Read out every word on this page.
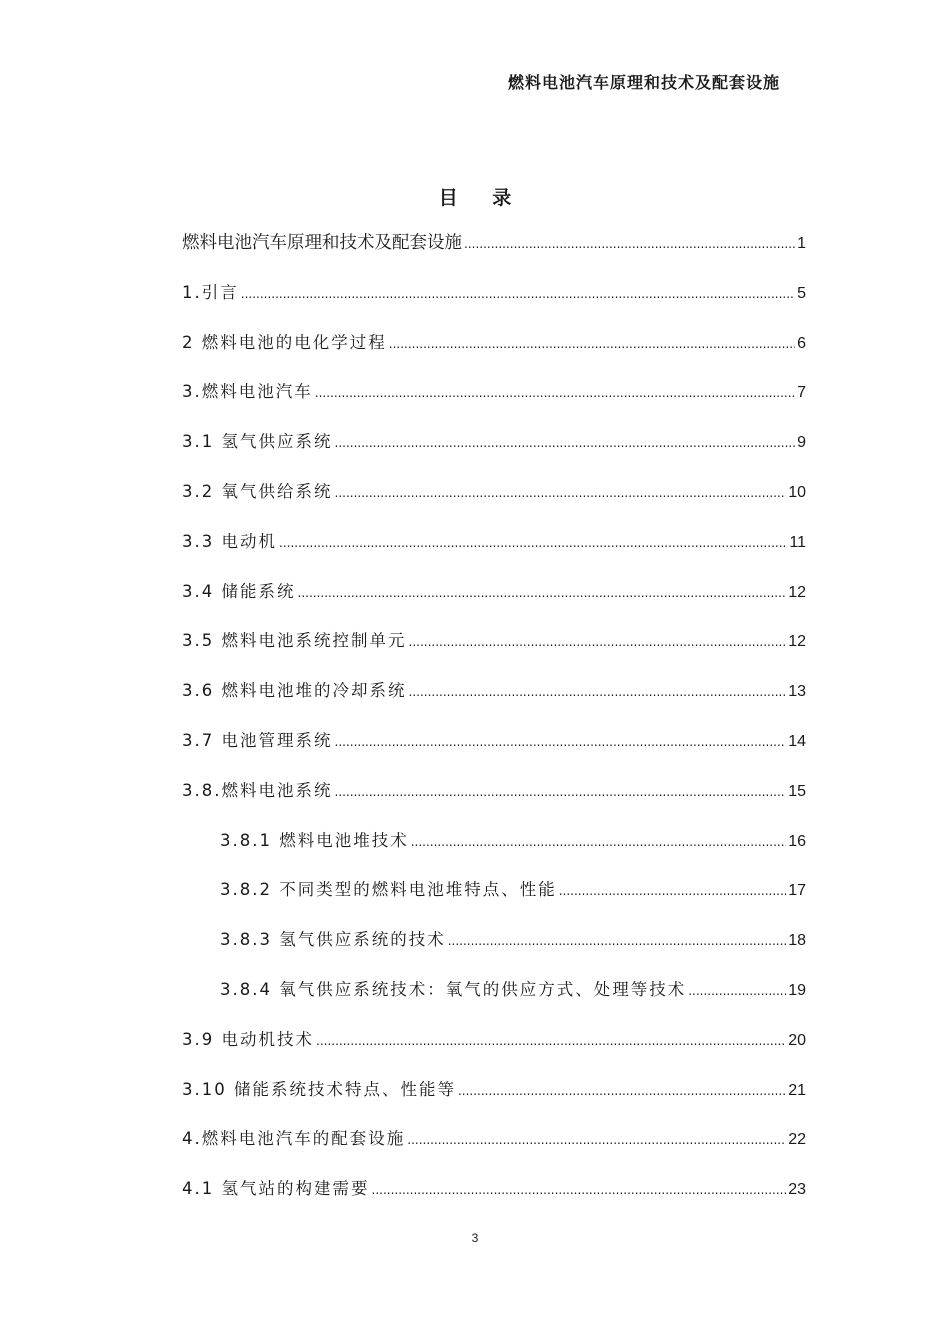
燃料电池汽车原理和技术及配套设施
目 录
燃料电池汽车原理和技术及配套设施 .....	1
1.引言 .....	5
2 燃料电池的电化学过程 .....	6
3.燃料电池汽车 .....	7
3.1 氢气供应系统 .....	9
3.2 氧气供给系统 .....	10
3.3 电动机 .....	11
3.4 储能系统 .....	12
3.5 燃料电池系统控制单元 .....	12
3.6 燃料电池堆的冷却系统 .....	13
3.7 电池管理系统 .....	14
3.8.燃料电池系统 .....	15
3.8.1 燃料电池堆技术 .....	16
3.8.2 不同类型的燃料电池堆特点、性能 .....	17
3.8.3 氢气供应系统的技术 .....	18
3.8.4 氧气供应系统技术：氧气的供应方式、处理等技术 .....	19
3.9 电动机技术 .....	20
3.10 储能系统技术特点、性能等 .....	21
4.燃料电池汽车的配套设施 .....	22
4.1 氢气站的构建需要 .....	23
3
